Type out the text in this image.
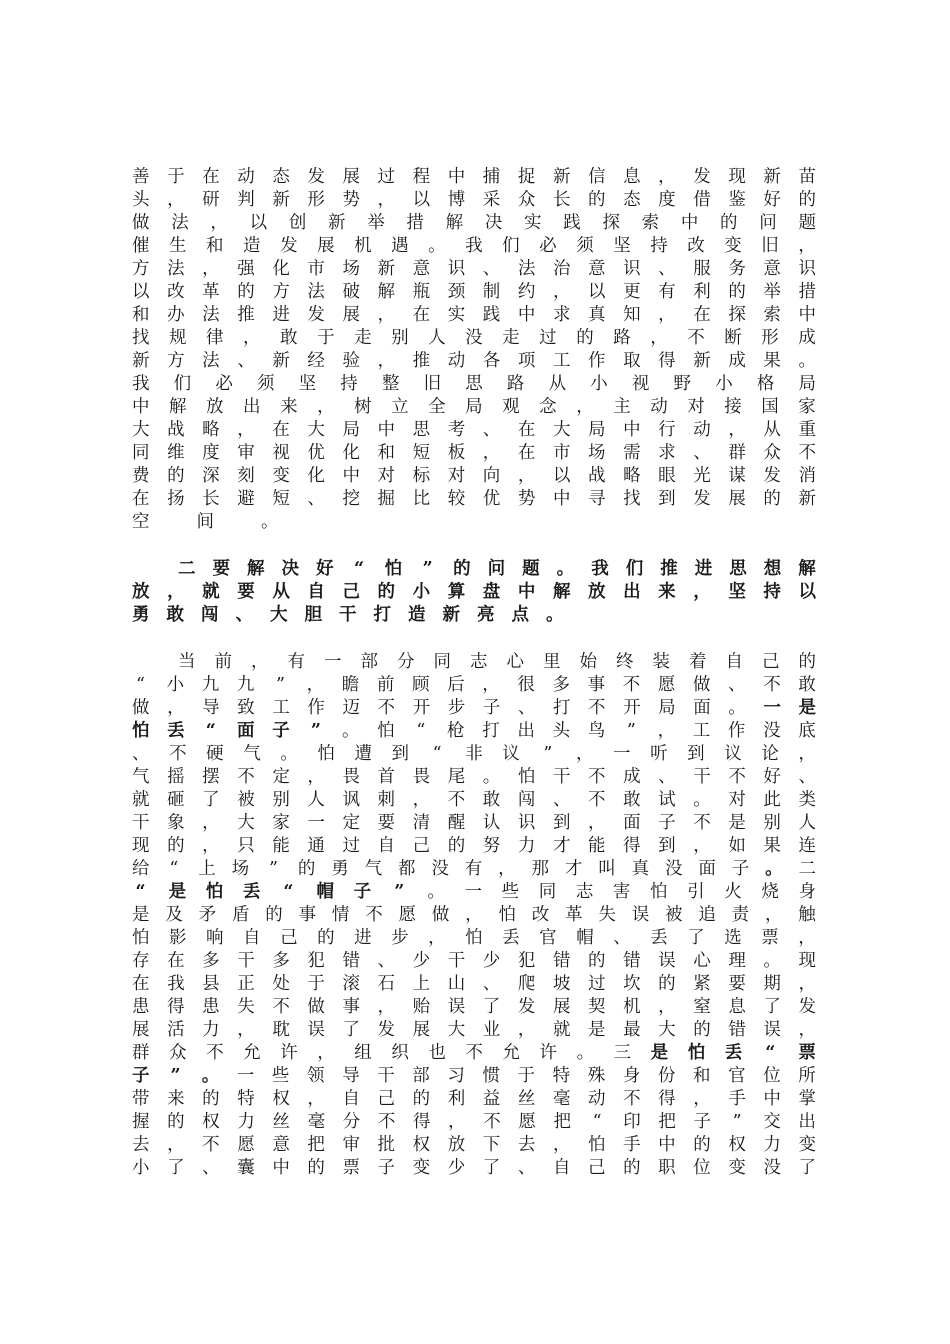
善 于 在 动 态 发 展 过 程 中 捕 捉 新 信 息 ， 发 现 新 苗
头 ， 研 判 新 形 势 ， 以 博 采 众 长 的 态 度 借 鉴 好 的
做 法 ， 以 创 新 举 措 解 决 实 践 探 索 中 的 问 题
催 生 和 造 发 展 机 遇 。 我 们 必 须 坚 持 改 变 旧 ，
方 法 ， 强 化 市 场 新 意 识 、 法 治 意 识 、 服 务 意 识
以 改 革 的 方 法 破 解 瓶 颈 制 约 ， 以 更 有 利 的 举 措
和 办 法 推 进 发 展 ， 在 实 践 中 求 真 知 ， 在 探 索 中
找 规 律 ， 敢 于 走 别 人 没 走 过 的 路 ， 不 断 形 成
新 方 法 、 新 经 验 ， 推 动 各 项 工 作 取 得 新 成 果 。
我 们 必 须 坚 持 整 旧 思 路 从 小 视 野 小 格 局
中 解 放 出 来 ， 树 立 全 局 观 念 ， 主 动 对 接 国 家
大 战 略 ， 在 大 局 中 思 考 、 在 大 局 中 行 动 ， 从 重
同 维 度 审 视 优 化 和 短 板 ， 在 市 场 需 求 、 群 众 不
费 的 深 刻 变 化 中 对 标 对 向 ， 以 战 略 眼 光 谋 发 消
在 扬 长 避 短 、 挖 掘 比 较 优 势 中 寻 找 到 发 展 的 新
空	间	。
二 要 解 决 好 “ 怕 ” 的 问 题 。 我 们 推 进 思 想 解
放 ， 就 要 从 自 己 的 小 算 盘 中 解 放 出 来 ， 坚 持 以
勇 敢 闯 、 大 胆 干 打 造 新 亮 点 。
当 前 ， 有 一 部 分 同 志 心 里 始 终 装 着 自 己 的
“ 小 九 九 ” ， 瞻 前 顾 后 ， 很 多 事 不 愿 做 、 不 敢
做 ， 导 致 工 作 迈 不 开 步 子 、 打 不 开 局 面 。 一 是
怕 丢 “ 面 子 ” 。 怕 “ 枪 打 出 头 鸟 ” ， 工 作 没 底
、 不 硬 气 。 怕 遭 到 “ 非 议 ” ， 一 听 到 议 论 ，
气 摇 摆 不 定 ， 畏 首 畏 尾 。 怕 干 不 成 、 干 不 好 、
就 砸 了 被 别 人 讽 刺 ， 不 敢 闯 、 不 敢 试 。 对 此 类
干 象 ， 大 家 一 定 要 清 醒 认 识 到 ， 面 子 不 是 别 人
现 的 ， 只 能 通 过 自 己 的 努 力 才 能 得 到 ， 如 果 连
给 “ 上 场 ” 的 勇 气 都 没 有 ， 那 才 叫 真 没 面 子 。 二
“ 是 怕 丢 “ 帽 子 ” 。 一 些 同 志 害 怕 引 火 烧 身
是 及 矛 盾 的 事 情 不 愿 做 ， 怕 改 革 失 误 被 追 责 ， 触
怕 影 响 自 己 的 进 步 ， 怕 丢 官 帽 、 丢 了 选 票 ，
存 在 多 干 多 犯 错 、 少 干 少 犯 错 的 错 误 心 理 。 现
在 我 县 正 处 于 滚 石 上 山 、 爬 坡 过 坎 的 紧 要 期 ，
患 得 患 失 不 做 事 ， 贻 误 了 发 展 契 机 ， 窒 息 了 发
展 活 力 ， 耽 误 了 发 展 大 业 ， 就 是 最 大 的 错 误 ，
群 众 不 允 许 ， 组 织 也 不 允 许 。 三 是 怕 丢 “ 票
子 ” 。 一 些 领 导 干 部 习 惯 于 特 殊 身 份 和 官 位 所
带 来 的 特 权 ， 自 己 的 利 益 丝 毫 动 不 得 ， 手 中 掌
握 的 权 力 丝 毫 分 不 得 ， 不 愿 把 “ 印 把 子 ” 交 出
去 ， 不 愿 意 把 审 批 权 放 下 去 ， 怕 手 中 的 权 力 变
小 了 、 囊 中 的 票 子 变 少 了 、 自 己 的 职 位 变 没 了
